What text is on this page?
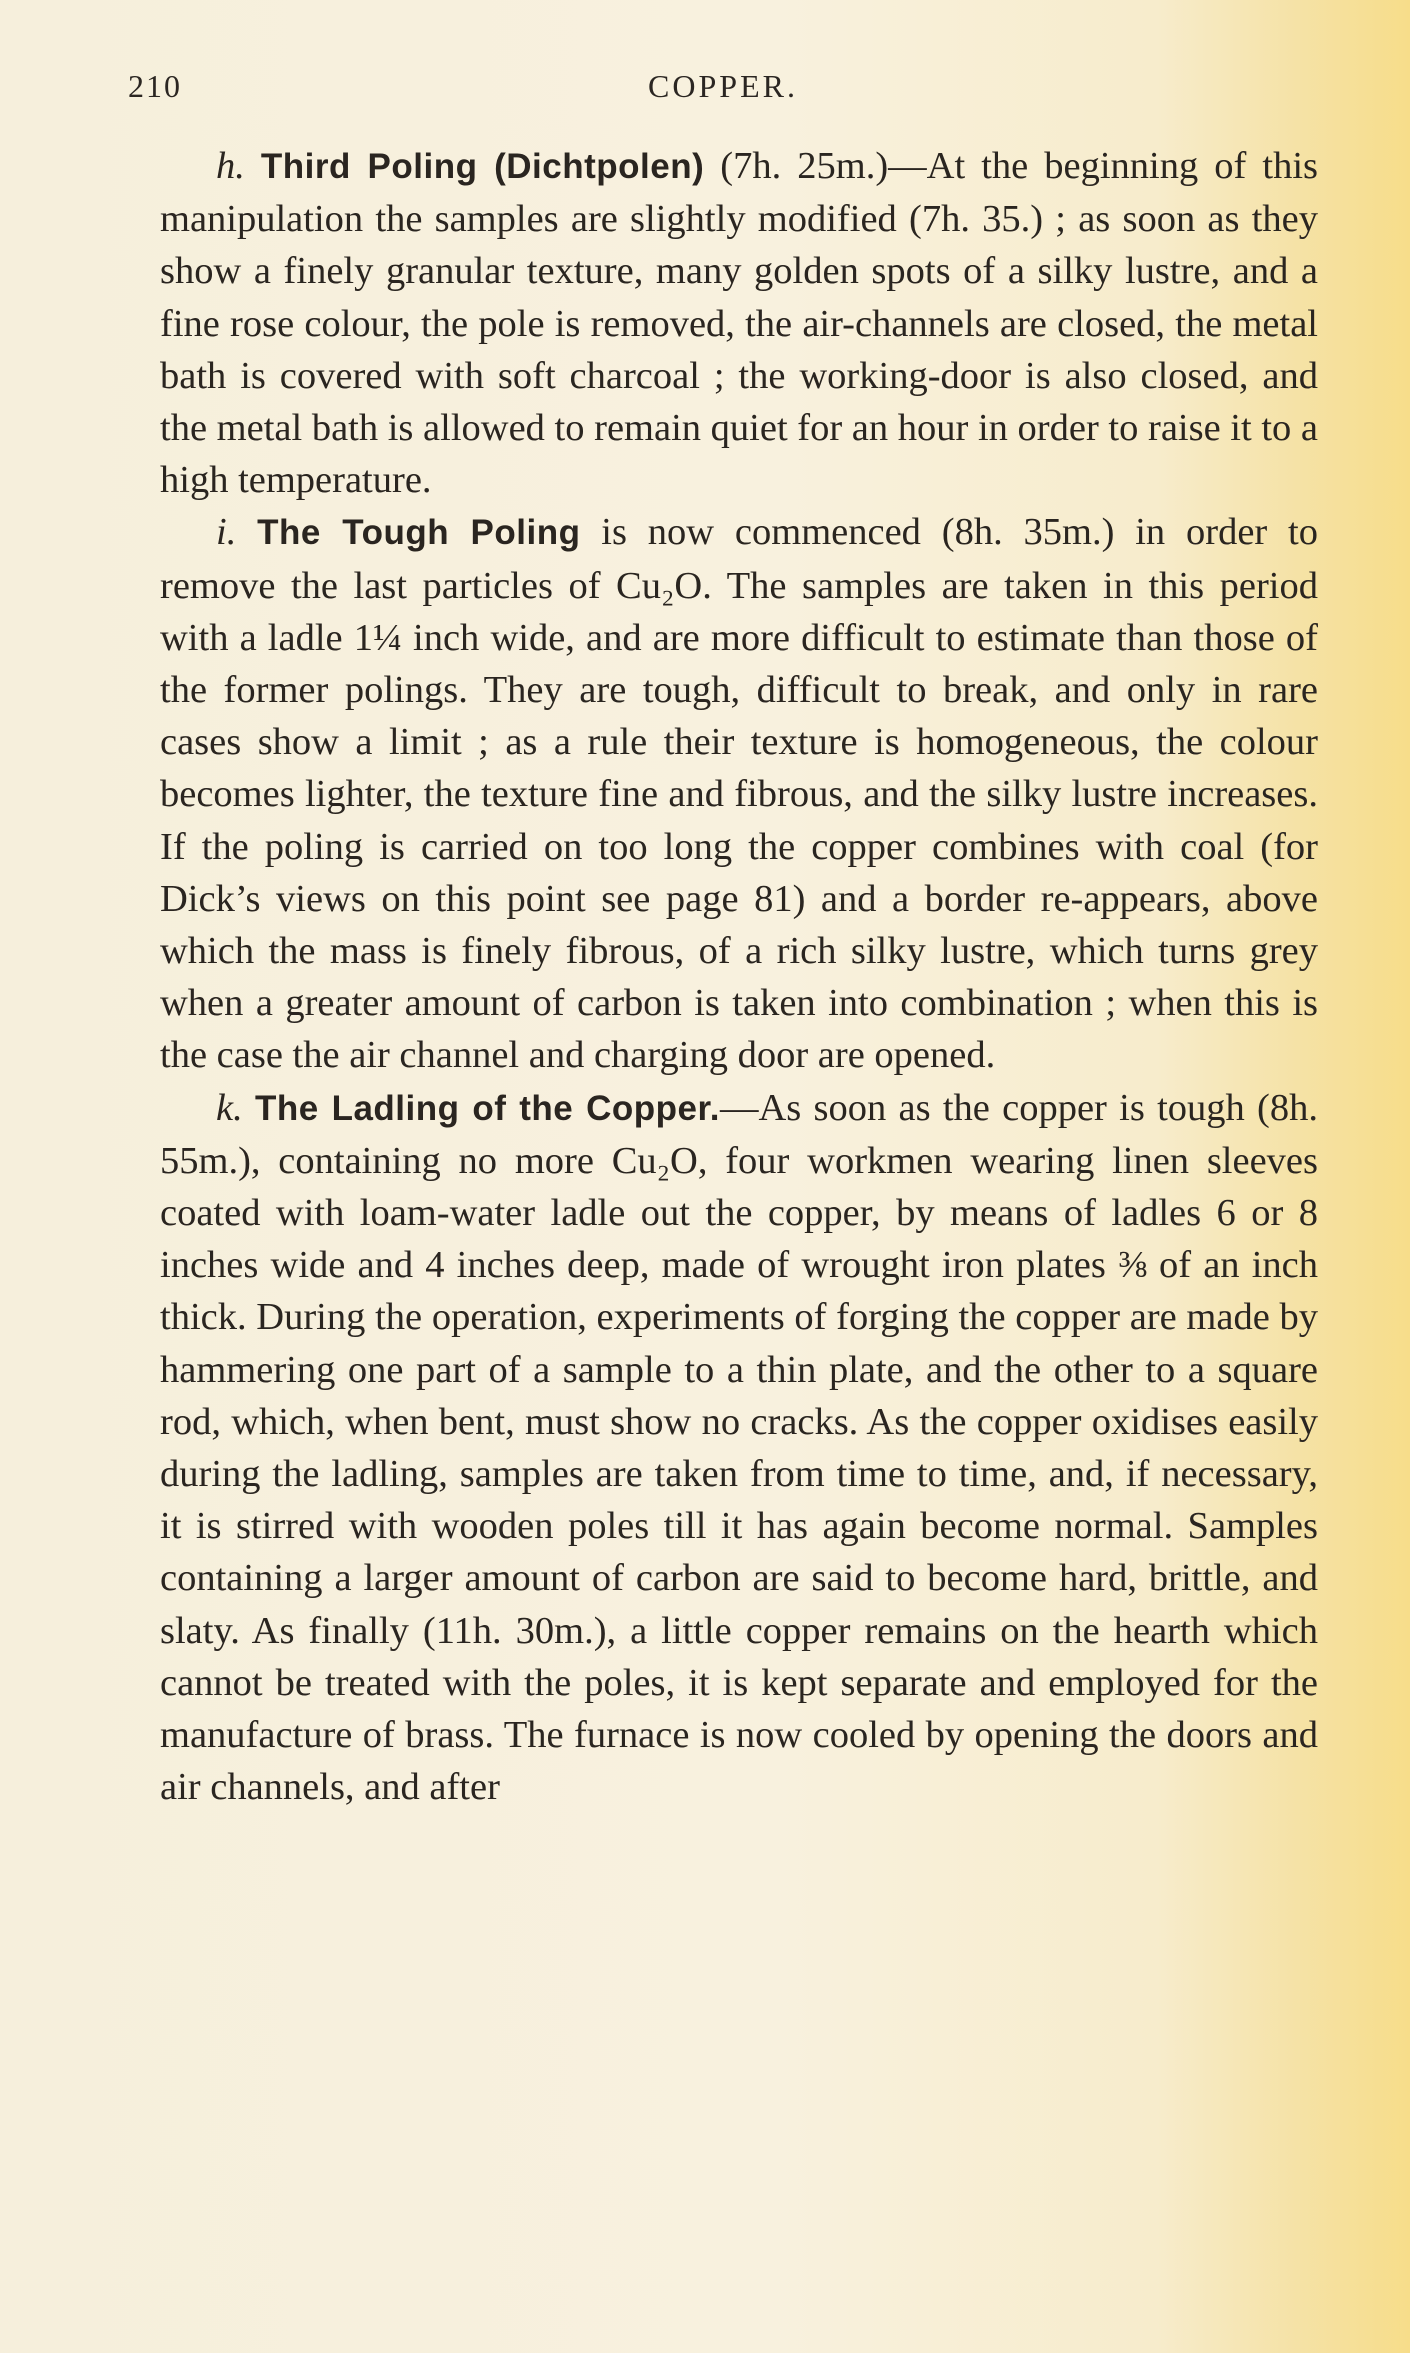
210	COPPER.

h. Third Poling (Dichtpolen) (7h. 25m.)—At the beginning of this manipulation the samples are slightly modified (7h. 35.) ; as soon as they show a finely granular texture, many golden spots of a silky lustre, and a fine rose colour, the pole is removed, the air-channels are closed, the metal bath is covered with soft charcoal ; the working-door is also closed, and the metal bath is allowed to remain quiet for an hour in order to raise it to a high temperature.

i. The Tough Poling is now commenced (8h. 35m.) in order to remove the last particles of Cu₂O. The samples are taken in this period with a ladle 1¼ inch wide, and are more difficult to estimate than those of the former polings. They are tough, difficult to break, and only in rare cases show a limit ; as a rule their texture is homogeneous, the colour becomes lighter, the texture fine and fibrous, and the silky lustre increases. If the poling is carried on too long the copper combines with coal (for Dick’s views on this point see page 81) and a border re-appears, above which the mass is finely fibrous, of a rich silky lustre, which turns grey when a greater amount of carbon is taken into combination ; when this is the case the air channel and charging door are opened.

k. The Ladling of the Copper.—As soon as the copper is tough (8h. 55m.), containing no more Cu₂O, four workmen wearing linen sleeves coated with loam-water ladle out the copper, by means of ladles 6 or 8 inches wide and 4 inches deep, made of wrought iron plates ⅜ of an inch thick. During the operation, experiments of forging the copper are made by hammering one part of a sample to a thin plate, and the other to a square rod, which, when bent, must show no cracks. As the copper oxidises easily during the ladling, samples are taken from time to time, and, if necessary, it is stirred with wooden poles till it has again become normal. Samples containing a larger amount of carbon are said to become hard, brittle, and slaty. As finally (11h. 30m.), a little copper remains on the hearth which cannot be treated with the poles, it is kept separate and employed for the manufacture of brass. The furnace is now cooled by opening the doors and air channels, and after
